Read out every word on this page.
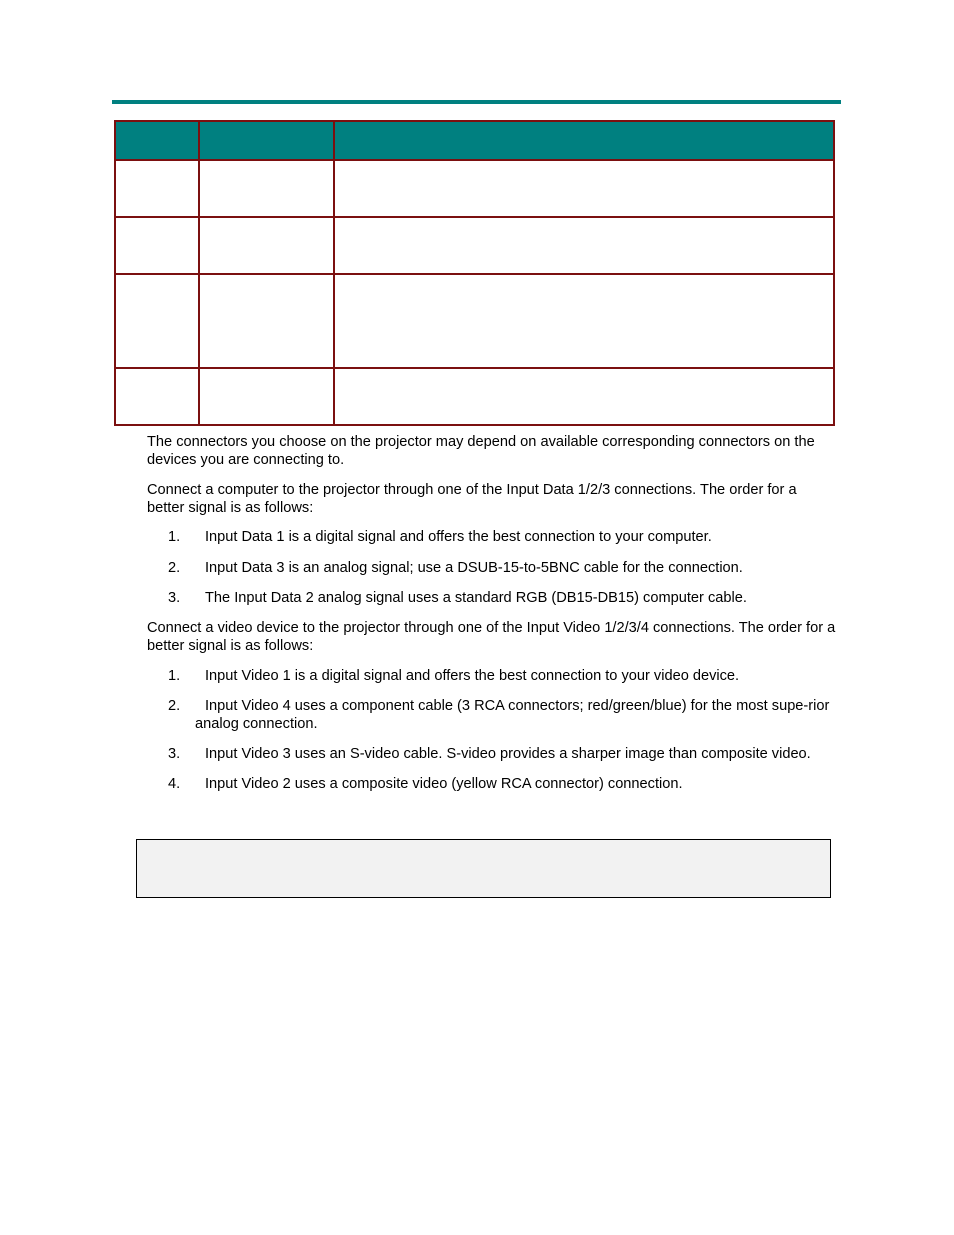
The connectors you choose on the projector may depend on available corresponding connectors on the devices you are connecting to.

Connect a computer to the projector through one of the Input Data 1/2/3 connections. The order for a better signal is as follows:

1. Input Data 1 is a digital signal and offers the best connection to your computer.

2. Input Data 3 is an analog signal; use a DSUB-15-to-5BNC cable for the connection.

3. The Input Data 2 analog signal uses a standard RGB (DB15-DB15) computer cable.

Connect a video device to the projector through one of the Input Video 1/2/3/4 connections. The order for a better signal is as follows:

1. Input Video 1 is a digital signal and offers the best connection to your video device.

2. Input Video 4 uses a component cable (3 RCA connectors; red/green/blue) for the most supe-rior analog connection.

3. Input Video 3 uses an S-video cable. S-video provides a sharper image than composite video.

4. Input Video 2 uses a composite video (yellow RCA connector) connection.
